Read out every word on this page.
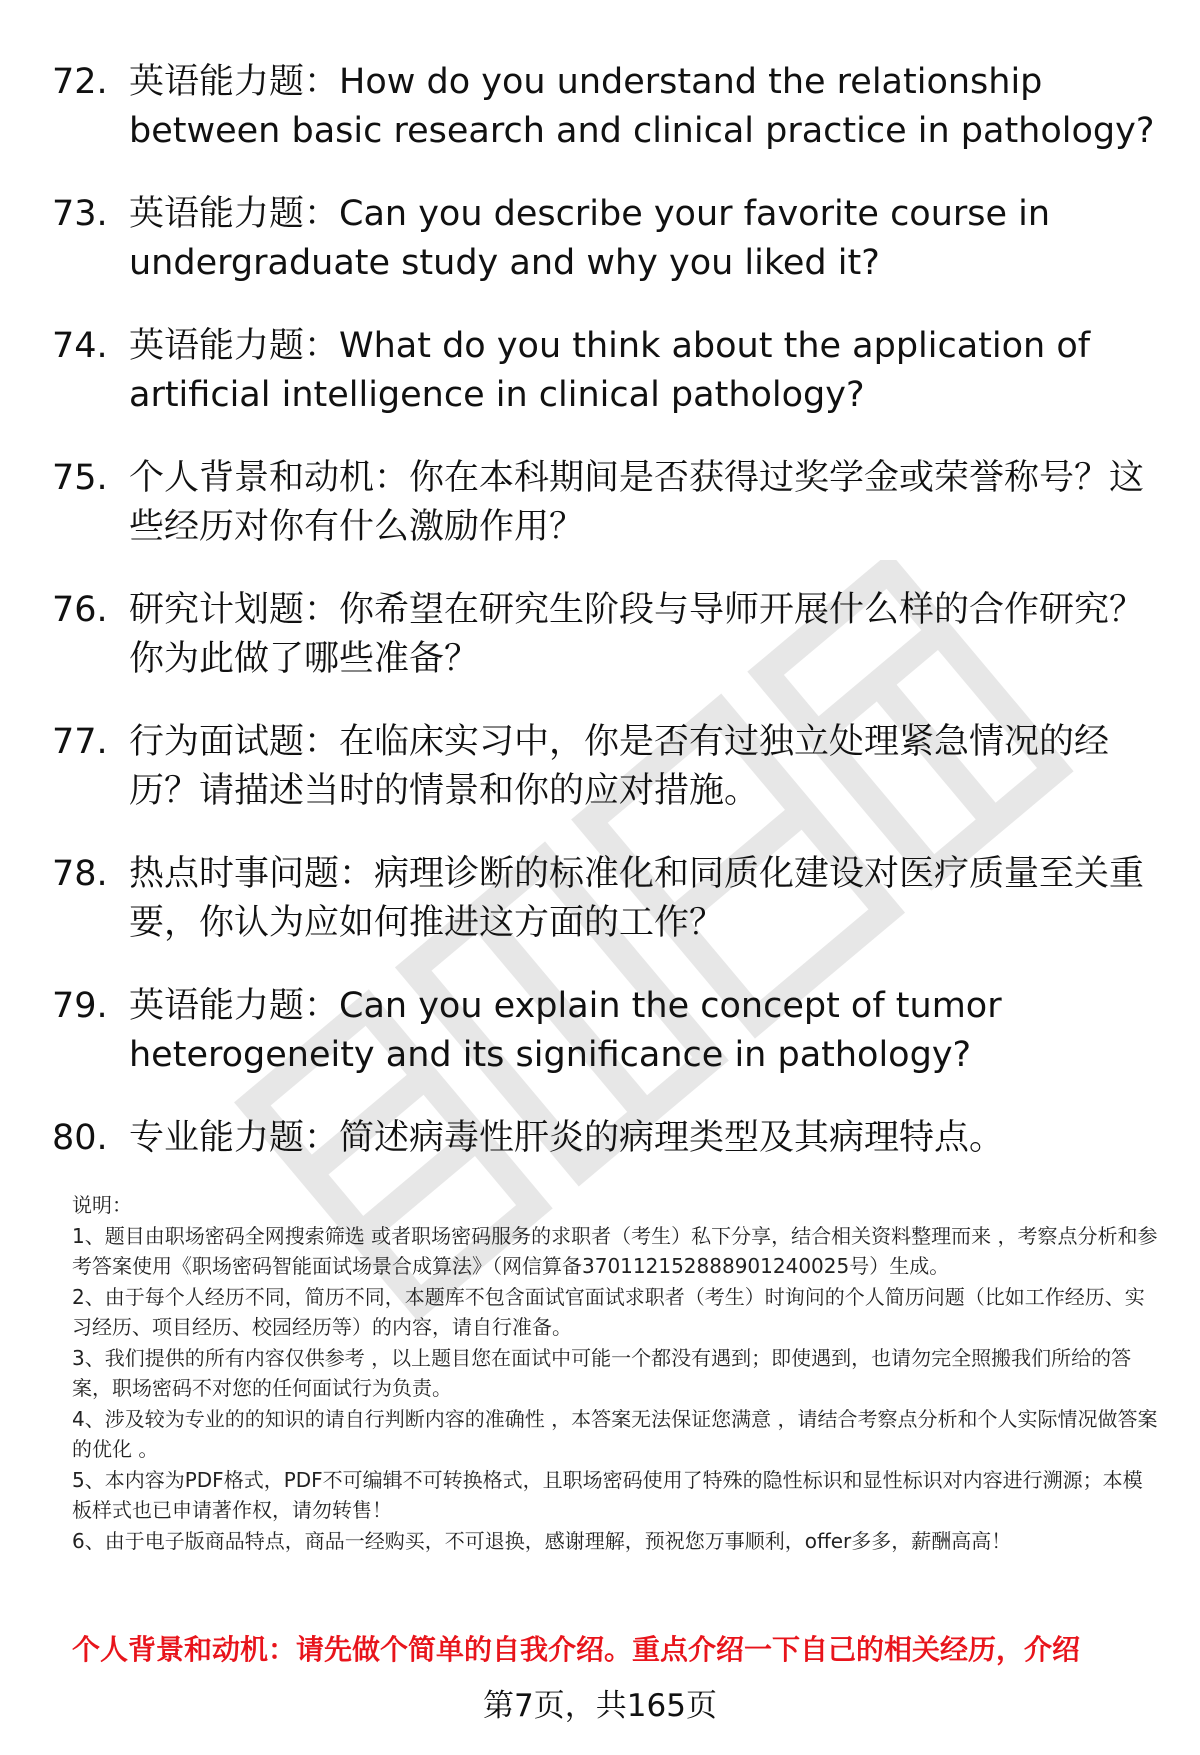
72. 英语能力题：How do you understand the relationship between basic research and clinical practice in pathology?
73. 英语能力题：Can you describe your favorite course in undergraduate study and why you liked it?
74. 英语能力题：What do you think about the application of artificial intelligence in clinical pathology?
75. 个人背景和动机：你在本科期间是否获得过奖学金或荣誉称号？这些经历对你有什么激励作用？
76. 研究计划题：你希望在研究生阶段与导师开展什么样的合作研究？你为此做了哪些准备？
77. 行为面试题：在临床实习中，你是否有过独立处理紧急情况的经历？请描述当时的情景和你的应对措施。
78. 热点时事问题：病理诊断的标准化和同质化建设对医疗质量至关重要，你认为应如何推进这方面的工作？
79. 英语能力题：Can you explain the concept of tumor heterogeneity and its significance in pathology?
80. 专业能力题：简述病毒性肝炎的病理类型及其病理特点。

说明：

1、题目由职场密码全网搜索筛选 或者职场密码服务的求职者（考生）私下分享，结合相关资料整理而来 ，考察点分析和参考答案使用《职场密码智能面试场景合成算法》（网信算备370112152888901240025号）生成。

2、由于每个人经历不同，简历不同，本题库不包含面试官面试求职者（考生）时询问的个人简历问题（比如工作经历、实习经历、项目经历、校园经历等）的内容，请自行准备。

3、我们提供的所有内容仅供参考 ，以上题目您在面试中可能一个都没有遇到；即使遇到，也请勿完全照搬我们所给的答案，职场密码不对您的任何面试行为负责。

4、涉及较为专业的的知识的请自行判断内容的准确性 ，本答案无法保证您满意 ，请结合考察点分析和个人实际情况做答案的优化 。

5、本内容为PDF格式，PDF不可编辑不可转换格式，且职场密码使用了特殊的隐性标识和显性标识对内容进行溯源；本模板样式也已申请著作权，请勿转售！

6、由于电子版商品特点，商品一经购买，不可退换，感谢理解，预祝您万事顺利，offer多多，薪酬高高！

个人背景和动机：请先做个简单的自我介绍。重点介绍一下自己的相关经历，介绍
第7页，共165页
